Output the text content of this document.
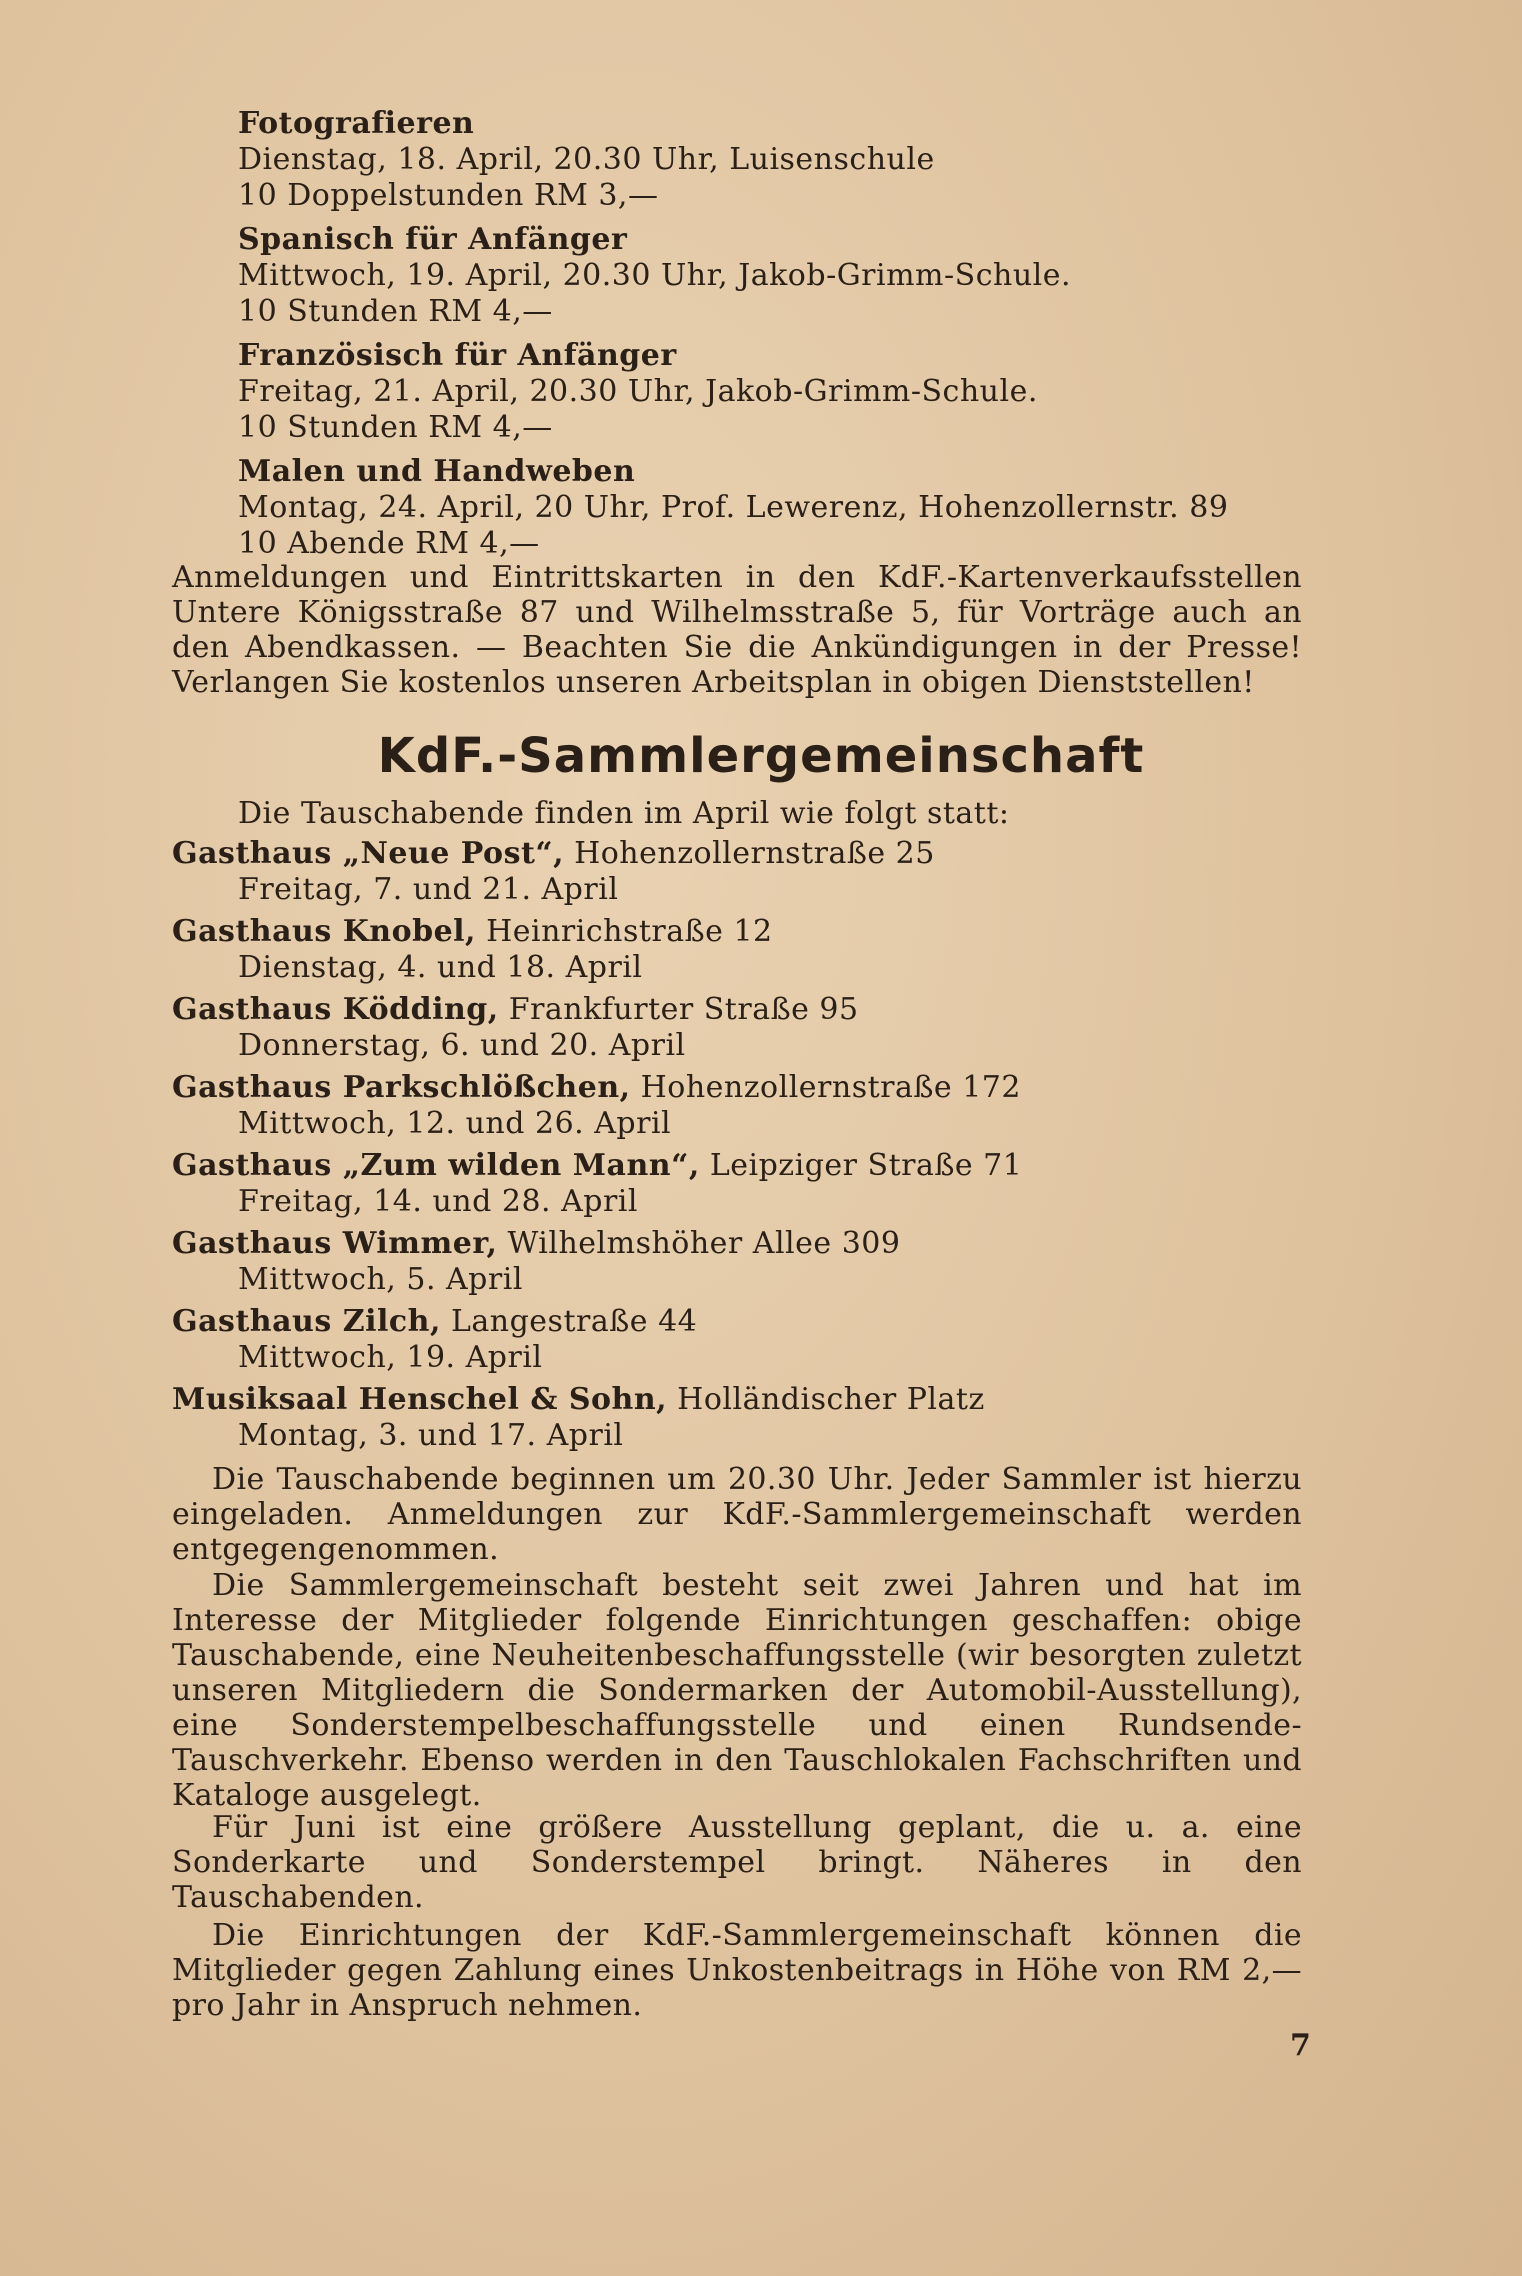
Fotografieren
Dienstag, 18. April, 20.30 Uhr, Luisenschule
10 Doppelstunden RM 3,—
Spanisch für Anfänger
Mittwoch, 19. April, 20.30 Uhr, Jakob-Grimm-Schule.
10 Stunden RM 4,—
Französisch für Anfänger
Freitag, 21. April, 20.30 Uhr, Jakob-Grimm-Schule.
10 Stunden RM 4,—
Malen und Handweben
Montag, 24. April, 20 Uhr, Prof. Lewerenz, Hohenzollernstr. 89
10 Abende RM 4,—
Anmeldungen und Eintrittskarten in den KdF.-Kartenverkaufsstellen Untere Königsstraße 87 und Wilhelmsstraße 5, für Vorträge auch an den Abendkassen. — Beachten Sie die Ankündigungen in der Presse! Verlangen Sie kostenlos unseren Arbeitsplan in obigen Dienststellen!
KdF.-Sammlergemeinschaft
Die Tauschabende finden im April wie folgt statt:
Gasthaus „Neue Post“, Hohenzollernstraße 25
Freitag, 7. und 21. April
Gasthaus Knobel, Heinrichstraße 12
Dienstag, 4. und 18. April
Gasthaus Ködding, Frankfurter Straße 95
Donnerstag, 6. und 20. April
Gasthaus Parkschlößchen, Hohenzollernstraße 172
Mittwoch, 12. und 26. April
Gasthaus „Zum wilden Mann“, Leipziger Straße 71
Freitag, 14. und 28. April
Gasthaus Wimmer, Wilhelmshöher Allee 309
Mittwoch, 5. April
Gasthaus Zilch, Langestraße 44
Mittwoch, 19. April
Musiksaal Henschel & Sohn, Holländischer Platz
Montag, 3. und 17. April
Die Tauschabende beginnen um 20.30 Uhr. Jeder Sammler ist hierzu eingeladen. Anmeldungen zur KdF.-Sammlergemeinschaft werden entgegengenommen.
Die Sammlergemeinschaft besteht seit zwei Jahren und hat im Interesse der Mitglieder folgende Einrichtungen geschaffen: obige Tauschabende, eine Neuheitenbeschaffungsstelle (wir besorgten zuletzt unseren Mitgliedern die Sondermarken der Automobil-Ausstellung), eine Sonderstempelbeschaffungsstelle und einen Rundsende-Tauschverkehr. Ebenso werden in den Tauschlokalen Fachschriften und Kataloge ausgelegt.
Für Juni ist eine größere Ausstellung geplant, die u. a. eine Sonderkarte und Sonderstempel bringt. Näheres in den Tauschabenden.
Die Einrichtungen der KdF.-Sammlergemeinschaft können die Mitglieder gegen Zahlung eines Unkostenbeitrags in Höhe von RM 2,— pro Jahr in Anspruch nehmen.
7
